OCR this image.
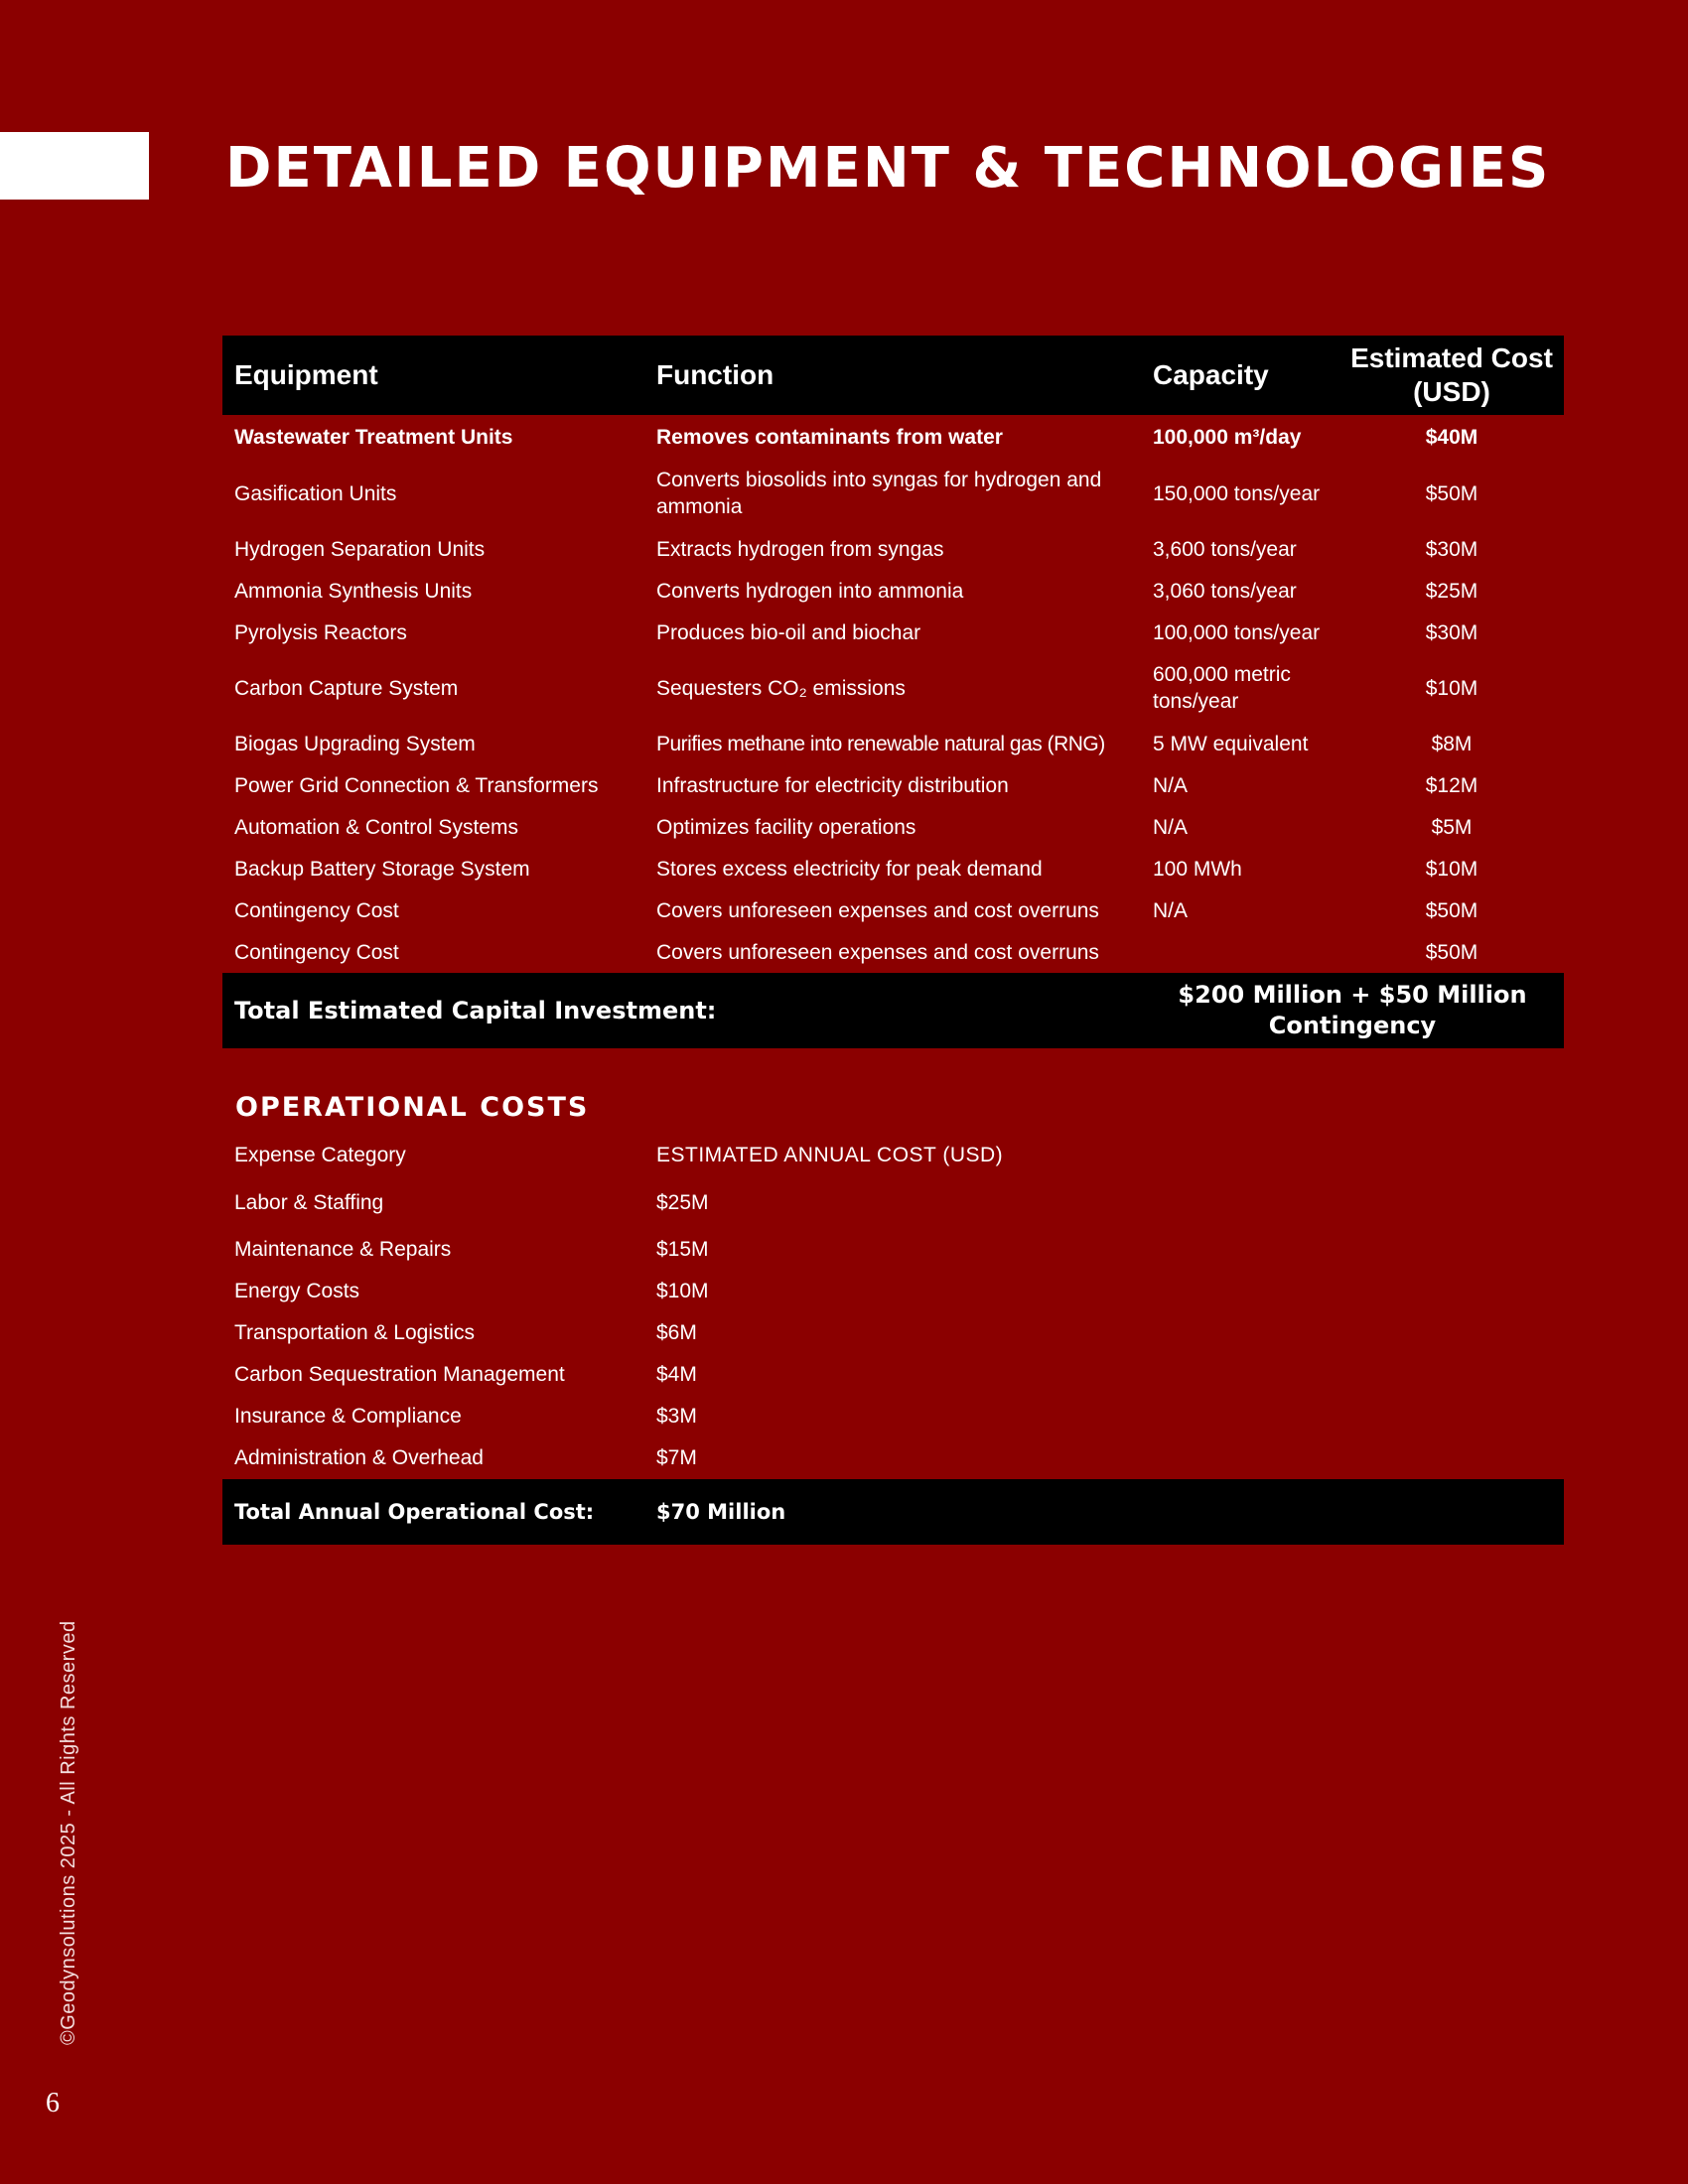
DETAILED EQUIPMENT & TECHNOLOGIES
Equipment	Function	Capacity	Estimated Cost (USD)
Wastewater Treatment Units	Removes contaminants from water	100,000 m³/day	$40M
Gasification Units	Converts biosolids into syngas for hydrogen and ammonia	150,000 tons/year	$50M
Hydrogen Separation Units	Extracts hydrogen from syngas	3,600 tons/year	$30M
Ammonia Synthesis Units	Converts hydrogen into ammonia	3,060 tons/year	$25M
Pyrolysis Reactors	Produces bio-oil and biochar	100,000 tons/year	$30M
Carbon Capture System	Sequesters CO₂ emissions	600,000 metric tons/year	$10M
Biogas Upgrading System	Purifies methane into renewable natural gas (RNG)	5 MW equivalent	$8M
Power Grid Connection & Transformers	Infrastructure for electricity distribution	N/A	$12M
Automation & Control Systems	Optimizes facility operations	N/A	$5M
Backup Battery Storage System	Stores excess electricity for peak demand	100 MWh	$10M
Contingency Cost	Covers unforeseen expenses and cost overruns	N/A	$50M
Contingency Cost	Covers unforeseen expenses and cost overruns		$50M
Total Estimated Capital Investment:		$200 Million + $50 Million Contingency	
OPERATIONAL COSTS
Expense Category	ESTIMATED ANNUAL COST (USD)
Labor & Staffing	$25M
Maintenance & Repairs	$15M
Energy Costs	$10M
Transportation & Logistics	$6M
Carbon Sequestration Management	$4M
Insurance & Compliance	$3M
Administration & Overhead	$7M
Total Annual Operational Cost:	$70 Million
©Geodynsolutions 2025 - All Rights Reserved
6
